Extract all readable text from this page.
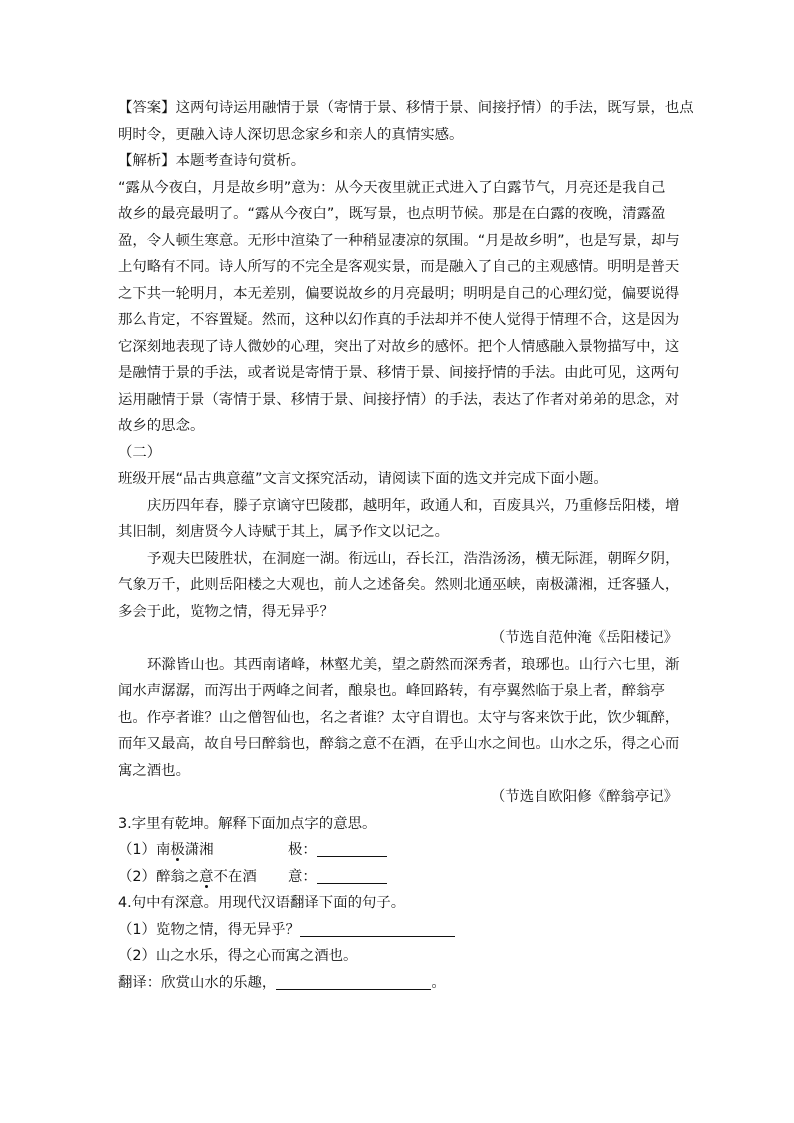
【答案】这两句诗运用融情于景（寄情于景、移情于景、间接抒情）的手法，既写景，也点
明时令，更融入诗人深切思念家乡和亲人的真情实感。
【解析】本题考查诗句赏析。
“露从今夜白，月是故乡明”意为：从今天夜里就正式进入了白露节气，月亮还是我自己
故乡的最亮最明了。“露从今夜白”，既写景，也点明节候。那是在白露的夜晚，清露盈
盈，令人顿生寒意。无形中渲染了一种稍显凄凉的氛围。“月是故乡明”，也是写景，却与
上句略有不同。诗人所写的不完全是客观实景，而是融入了自己的主观感情。明明是普天
之下共一轮明月，本无差别，偏要说故乡的月亮最明；明明是自己的心理幻觉，偏要说得
那么肯定，不容置疑。然而，这种以幻作真的手法却并不使人觉得于情理不合，这是因为
它深刻地表现了诗人微妙的心理，突出了对故乡的感怀。把个人情感融入景物描写中，这
是融情于景的手法，或者说是寄情于景、移情于景、间接抒情的手法。由此可见，这两句
运用融情于景（寄情于景、移情于景、间接抒情）的手法，表达了作者对弟弟的思念，对
故乡的思念。
（二）
班级开展“品古典意蕴”文言文探究活动，请阅读下面的选文并完成下面小题。
庆历四年春，滕子京谪守巴陵郡，越明年，政通人和，百废具兴，乃重修岳阳楼，增
其旧制，刻唐贤今人诗赋于其上，属予作文以记之。
予观夫巴陵胜状，在洞庭一湖。衔远山，吞长江，浩浩汤汤，横无际涯，朝晖夕阴，
气象万千，此则岳阳楼之大观也，前人之述备矣。然则北通巫峡，南极潇湘，迁客骚人，
多会于此，览物之情，得无异乎？
（节选自范仲淹《岳阳楼记》
环滁皆山也。其西南诸峰，林壑尤美，望之蔚然而深秀者，琅琊也。山行六七里，渐
闻水声潺潺，而泻出于两峰之间者，酿泉也。峰回路转，有亭翼然临于泉上者，醉翁亭
也。作亭者谁？山之僧智仙也，名之者谁？太守自谓也。太守与客来饮于此，饮少辄醉，
而年又最高，故自号曰醉翁也，醉翁之意不在酒，在乎山水之间也。山水之乐，得之心而
寓之酒也。
（节选自欧阳修《醉翁亭记》
3.字里有乾坤。解释下面加点字的意思。
（1）南极潇湘	极：
（2）醉翁之意不在酒	意：
4.句中有深意。用现代汉语翻译下面的句子。
（1）览物之情，得无异乎？
（2）山之水乐，得之心而寓之酒也。
翻译：欣赏山水的乐趣，	。
